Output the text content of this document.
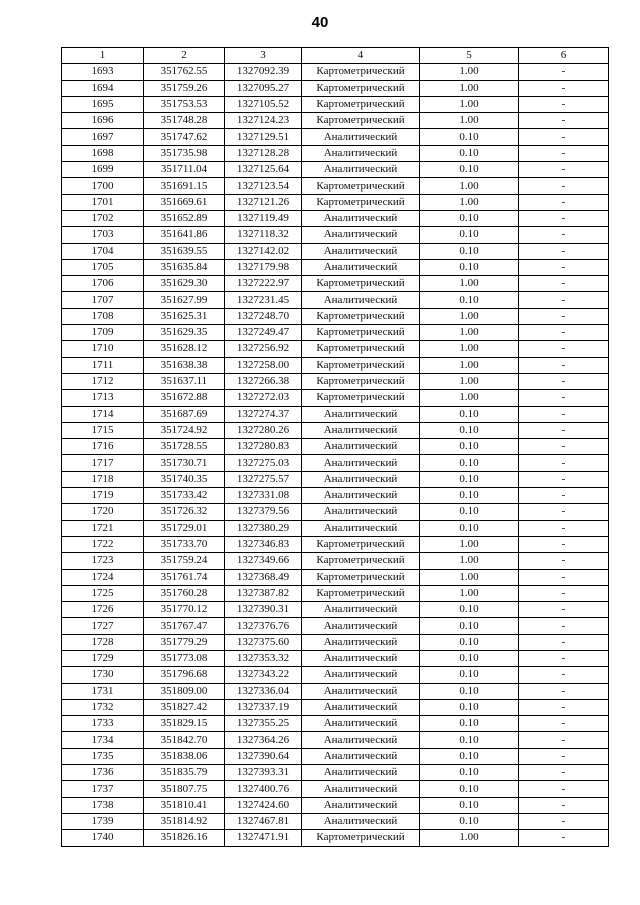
40
1	2	3	4	5	6
1693	351762.55	1327092.39	Картометрический	1.00	-
1694	351759.26	1327095.27	Картометрический	1.00	-
1695	351753.53	1327105.52	Картометрический	1.00	-
1696	351748.28	1327124.23	Картометрический	1.00	-
1697	351747.62	1327129.51	Аналитический	0.10	-
1698	351735.98	1327128.28	Аналитический	0.10	-
1699	351711.04	1327125.64	Аналитический	0.10	-
1700	351691.15	1327123.54	Картометрический	1.00	-
1701	351669.61	1327121.26	Картометрический	1.00	-
1702	351652.89	1327119.49	Аналитический	0.10	-
1703	351641.86	1327118.32	Аналитический	0.10	-
1704	351639.55	1327142.02	Аналитический	0.10	-
1705	351635.84	1327179.98	Аналитический	0.10	-
1706	351629.30	1327222.97	Картометрический	1.00	-
1707	351627.99	1327231.45	Аналитический	0.10	-
1708	351625.31	1327248.70	Картометрический	1.00	-
1709	351629.35	1327249.47	Картометрический	1.00	-
1710	351628.12	1327256.92	Картометрический	1.00	-
1711	351638.38	1327258.00	Картометрический	1.00	-
1712	351637.11	1327266.38	Картометрический	1.00	-
1713	351672.88	1327272.03	Картометрический	1.00	-
1714	351687.69	1327274.37	Аналитический	0.10	-
1715	351724.92	1327280.26	Аналитический	0.10	-
1716	351728.55	1327280.83	Аналитический	0.10	-
1717	351730.71	1327275.03	Аналитический	0.10	-
1718	351740.35	1327275.57	Аналитический	0.10	-
1719	351733.42	1327331.08	Аналитический	0.10	-
1720	351726.32	1327379.56	Аналитический	0.10	-
1721	351729.01	1327380.29	Аналитический	0.10	-
1722	351733.70	1327346.83	Картометрический	1.00	-
1723	351759.24	1327349.66	Картометрический	1.00	-
1724	351761.74	1327368.49	Картометрический	1.00	-
1725	351760.28	1327387.82	Картометрический	1.00	-
1726	351770.12	1327390.31	Аналитический	0.10	-
1727	351767.47	1327376.76	Аналитический	0.10	-
1728	351779.29	1327375.60	Аналитический	0.10	-
1729	351773.08	1327353.32	Аналитический	0.10	-
1730	351796.68	1327343.22	Аналитический	0.10	-
1731	351809.00	1327336.04	Аналитический	0.10	-
1732	351827.42	1327337.19	Аналитический	0.10	-
1733	351829.15	1327355.25	Аналитический	0.10	-
1734	351842.70	1327364.26	Аналитический	0.10	-
1735	351838.06	1327390.64	Аналитический	0.10	-
1736	351835.79	1327393.31	Аналитический	0.10	-
1737	351807.75	1327400.76	Аналитический	0.10	-
1738	351810.41	1327424.60	Аналитический	0.10	-
1739	351814.92	1327467.81	Аналитический	0.10	-
1740	351826.16	1327471.91	Картометрический	1.00	-
